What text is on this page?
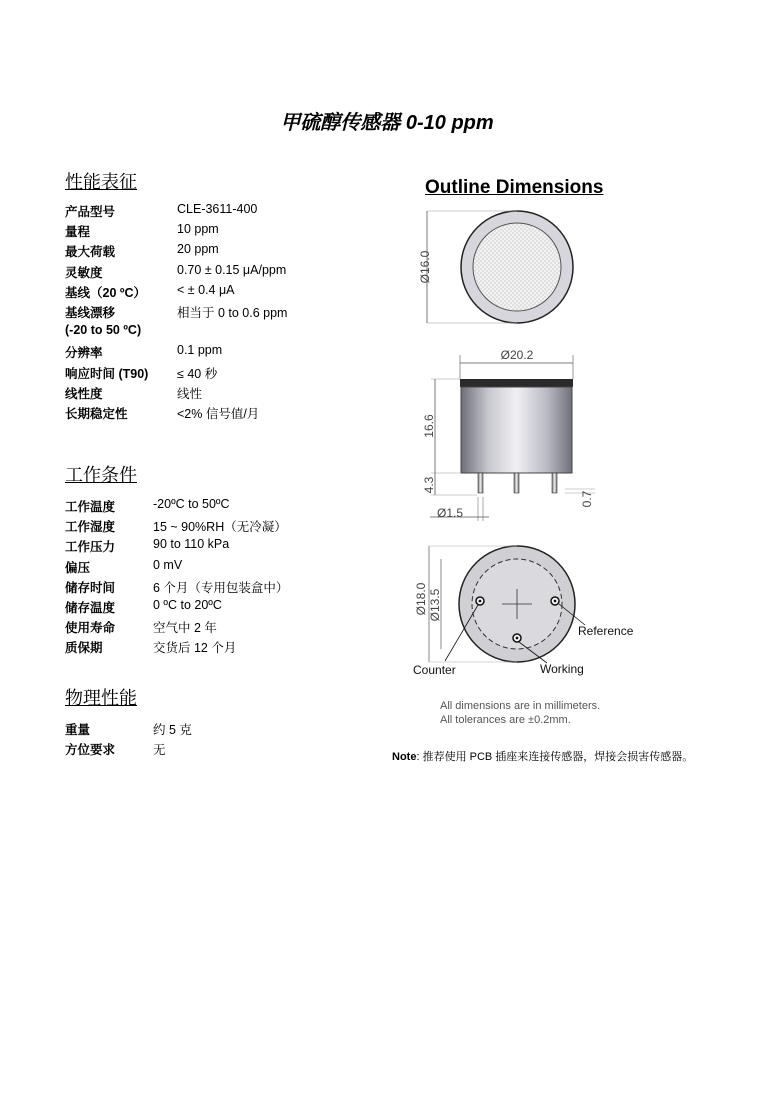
甲硫醇传感器 0-10 ppm
性能表征
产品型号	CLE-3611-400
量程	10 ppm
最大荷载	20 ppm
灵敏度	0.70 ± 0.15 μA/ppm
基线（20 ºC） < ± 0.4 μA
基线漂移	相当于 0 to 0.6 ppm
(-20 to 50 ºC)
分辨率	0.1 ppm
响应时间 (T90) ≤ 40 秒
线性度	线性
长期稳定性	<2% 信号值/月
工作条件
工作温度	-20ºC to 50ºC
工作湿度	15 ~ 90%RH（无冷凝）
工作压力	90 to 110 kPa
偏压	0 mV
储存时间	6 个月（专用包装盒中）
储存温度	0 ºC to 20ºC
使用寿命	空气中 2 年
质保期	交货后 12 个月
物理性能
重量	约 5 克
方位要求	无
Outline Dimensions
Ø16.0
Ø20.2
16.6
4.3
Ø1.5
0.7
Ø18.0 Ø13.5
Reference
Counter	Working
All dimensions are in millimeters.
All tolerances are ±0.2mm.
Note: 推荐使用 PCB 插座来连接传感器，焊接会损害传感器。
